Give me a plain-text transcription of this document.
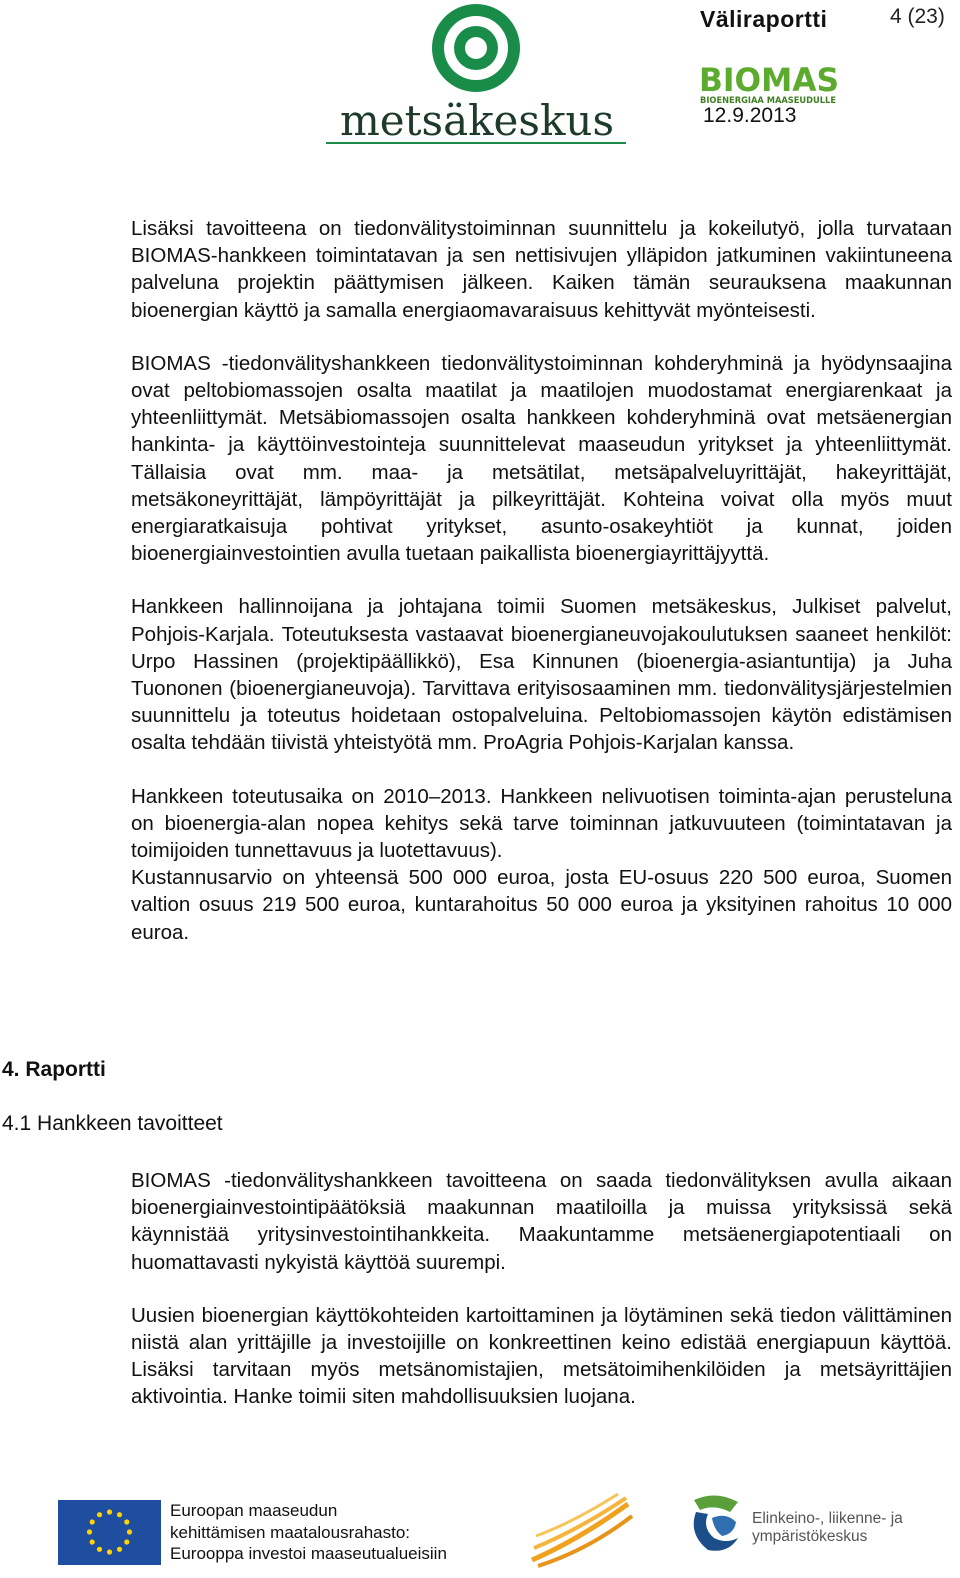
metsäkeskus
Väliraportti	4 (23)
BIOMAS
BIOENERGIAA MAASEUDULLE
12.9.2013

Lisäksi tavoitteena on tiedonvälitystoiminnan suunnittelu ja kokeilutyö, jolla turvataan BIOMAS-hankkeen toimintatavan ja sen nettisivujen ylläpidon jatkuminen vakiintuneena palveluna projektin päättymisen jälkeen. Kaiken tämän seurauksena maakunnan bioenergian käyttö ja samalla energiaomavaraisuus kehittyvät myönteisesti.

BIOMAS -tiedonvälityshankkeen tiedonvälitystoiminnan kohderyhminä ja hyödynsaajina ovat peltobiomassojen osalta maatilat ja maatilojen muodostamat energiarenkaat ja yhteenliittymät. Metsäbiomassojen osalta hankkeen kohderyhminä ovat metsäenergian hankinta- ja käyttöinvestointeja suunnittelevat maaseudun yritykset ja yhteenliittymät. Tällaisia ovat mm. maa- ja metsätilat, metsäpalveluyrittäjät, hakeyrittäjät, metsäkoneyrittäjät, lämpöyrittäjät ja pilkeyrittäjät. Kohteina voivat olla myös muut energiaratkaisuja pohtivat yritykset, asunto-osakeyhtiöt ja kunnat, joiden bioenergiainvestointien avulla tuetaan paikallista bioenergiayrittäjyyttä.

Hankkeen hallinnoijana ja johtajana toimii Suomen metsäkeskus, Julkiset palvelut, Pohjois-Karjala. Toteutuksesta vastaavat bioenergianeuvojakoulutuksen saaneet henkilöt: Urpo Hassinen (projektipäällikkö), Esa Kinnunen (bioenergia-asiantuntija) ja Juha Tuononen (bioenergianeuvoja). Tarvittava erityisosaaminen mm. tiedonvälitysjärjestelmien suunnittelu ja toteutus hoidetaan ostopalveluina. Peltobiomassojen käytön edistämisen osalta tehdään tiivistä yhteistyötä mm. ProAgria Pohjois-Karjalan kanssa.

Hankkeen toteutusaika on 2010–2013. Hankkeen nelivuotisen toiminta-ajan perusteluna on bioenergia-alan nopea kehitys sekä tarve toiminnan jatkuvuuteen (toimintatavan ja toimijoiden tunnettavuus ja luotettavuus).

Kustannusarvio on yhteensä 500 000 euroa, josta EU-osuus 220 500 euroa, Suomen valtion osuus 219 500 euroa, kuntarahoitus 50 000 euroa ja yksityinen rahoitus 10 000 euroa.

4. Raportti
4.1 Hankkeen tavoitteet

BIOMAS -tiedonvälityshankkeen tavoitteena on saada tiedonvälityksen avulla aikaan bioenergiainvestointipäätöksiä maakunnan maatiloilla ja muissa yrityksissä sekä käynnistää yritysinvestointihankkeita. Maakuntamme metsäenergiapotentiaali on huomattavasti nykyistä käyttöä suurempi.

Uusien bioenergian käyttökohteiden kartoittaminen ja löytäminen sekä tiedon välittäminen niistä alan yrittäjille ja investoijille on konkreettinen keino edistää energiapuun käyttöä. Lisäksi tarvitaan myös metsänomistajien, metsätoimihenkilöiden ja metsäyrittäjien aktivointia. Hanke toimii siten mahdollisuuksien luojana.

Euroopan maaseudun
kehittämisen maatalousrahasto:
Eurooppa investoi maaseutualueisiin
Elinkeino-, liikenne- ja
ympäristökeskus
